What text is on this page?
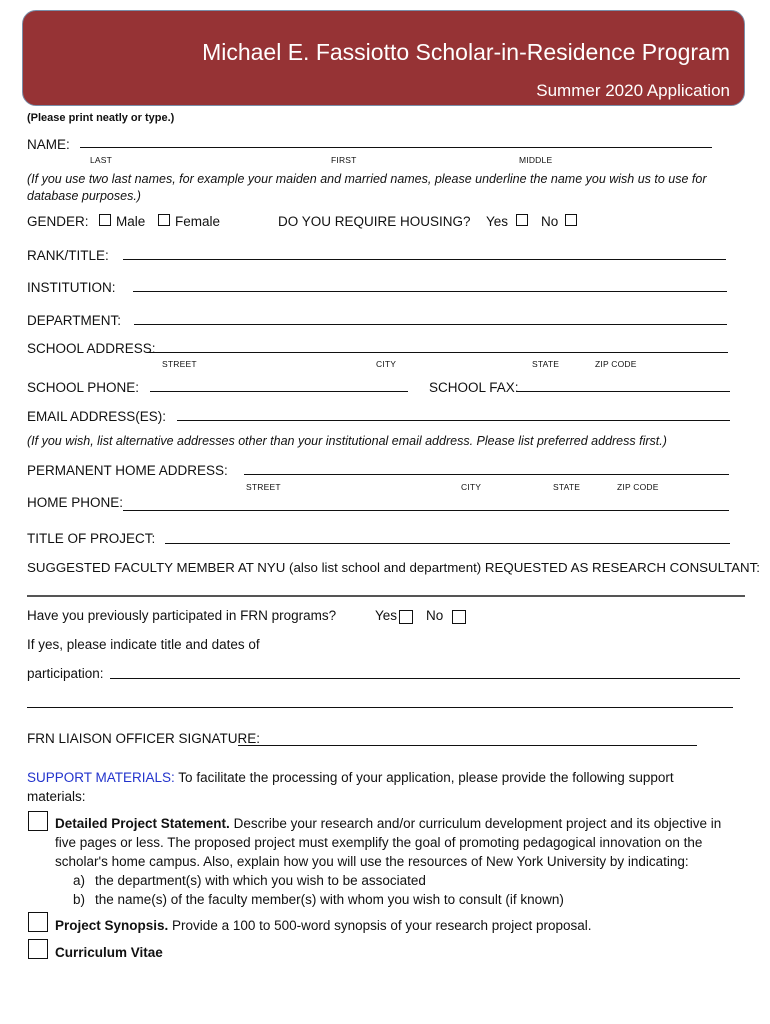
Michael E. Fassiotto Scholar-in-Residence Program
Summer 2020 Application
(Please print neatly or type.)
NAME:
LAST	FIRST	MIDDLE
(If you use two last names, for example your maiden and married names, please underline the name you wish us to use for database purposes.)
GENDER: Male Female	DO YOU REQUIRE HOUSING? Yes No
RANK/TITLE:
INSTITUTION:
DEPARTMENT:
SCHOOL ADDRESS:
STREET	CITY	STATE	ZIP CODE
SCHOOL PHONE:	SCHOOL FAX:
EMAIL ADDRESS(ES):
(If you wish, list alternative addresses other than your institutional email address. Please list preferred address first.)
PERMANENT HOME ADDRESS:
STREET	CITY	STATE	ZIP CODE
HOME PHONE:
TITLE OF PROJECT:
SUGGESTED FACULTY MEMBER AT NYU (also list school and department) REQUESTED AS RESEARCH CONSULTANT:
Have you previously participated in FRN programs?	Yes No
If yes, please indicate title and dates of
participation:
FRN LIAISON OFFICER SIGNATURE:
SUPPORT MATERIALS: To facilitate the processing of your application, please provide the following support materials:
Detailed Project Statement. Describe your research and/or curriculum development project and its objective in five pages or less. The proposed project must exemplify the goal of promoting pedagogical innovation on the scholar's home campus. Also, explain how you will use the resources of New York University by indicating:
a) the department(s) with which you wish to be associated
b) the name(s) of the faculty member(s) with whom you wish to consult (if known)
Project Synopsis. Provide a 100 to 500-word synopsis of your research project proposal.
Curriculum Vitae
